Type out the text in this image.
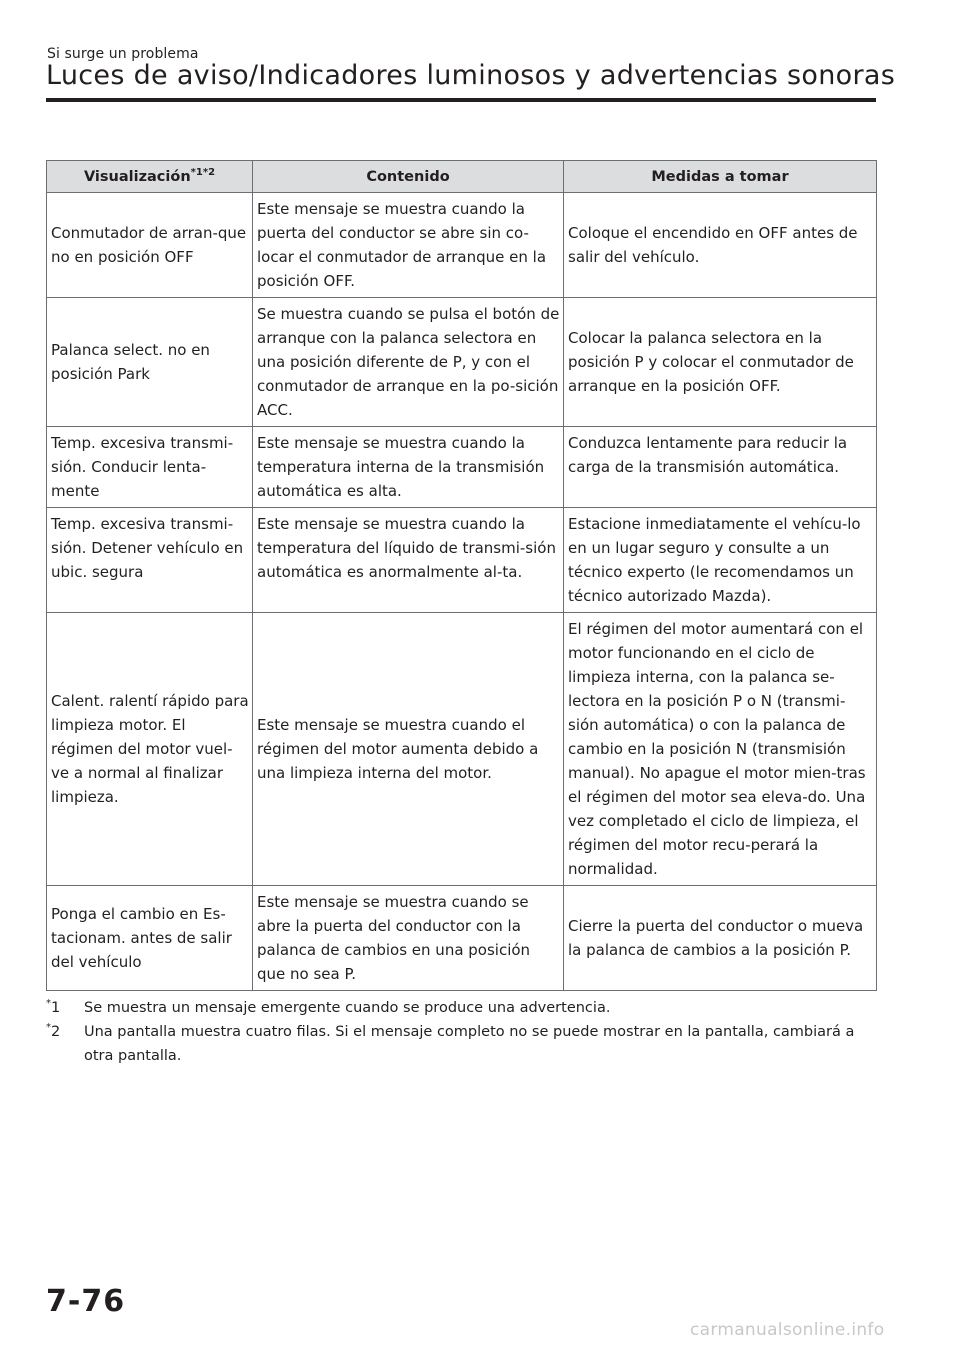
Si surge un problema
Luces de aviso/Indicadores luminosos y advertencias sonoras
Visualización$^{*1*2}$	Contenido	Medidas a tomar
Conmutador de arran-que no en posición OFF	Este mensaje se muestra cuando la puerta del conductor se abre sin co-locar el conmutador de arranque en la posición OFF.	Coloque el encendido en OFF antes de salir del vehículo.
Palanca select. no en posición Park	Se muestra cuando se pulsa el botón de arranque con la palanca selectora en una posición diferente de P, y con el conmutador de arranque en la po-sición ACC.	Colocar la palanca selectora en la posición P y colocar el conmutador de arranque en la posición OFF.
Temp. excesiva transmi-sión. Conducir lenta-mente	Este mensaje se muestra cuando la temperatura interna de la transmisión automática es alta.	Conduzca lentamente para reducir la carga de la transmisión automática.
Temp. excesiva transmi-sión. Detener vehículo en ubic. segura	Este mensaje se muestra cuando la temperatura del líquido de transmi-sión automática es anormalmente al-ta.	Estacione inmediatamente el vehícu-lo en un lugar seguro y consulte a un técnico experto (le recomendamos un técnico autorizado Mazda).
Calent. ralentí rápido para limpieza motor. El régimen del motor vuel-ve a normal al finalizar limpieza.	Este mensaje se muestra cuando el régimen del motor aumenta debido a una limpieza interna del motor.	El régimen del motor aumentará con el motor funcionando en el ciclo de limpieza interna, con la palanca se-lectora en la posición P o N (transmi-sión automática) o con la palanca de cambio en la posición N (transmisión manual). No apague el motor mien-tras el régimen del motor sea eleva-do. Una vez completado el ciclo de limpieza, el régimen del motor recu-perará la normalidad.
Ponga el cambio en Es-tacionam. antes de salir del vehículo	Este mensaje se muestra cuando se abre la puerta del conductor con la palanca de cambios en una posición que no sea P.	Cierre la puerta del conductor o mueva la palanca de cambios a la posición P.
*1	Se muestra un mensaje emergente cuando se produce una advertencia.
*2	Una pantalla muestra cuatro filas. Si el mensaje completo no se puede mostrar en la pantalla, cambiará a otra pantalla.
7-76
carmanualsonline.info
